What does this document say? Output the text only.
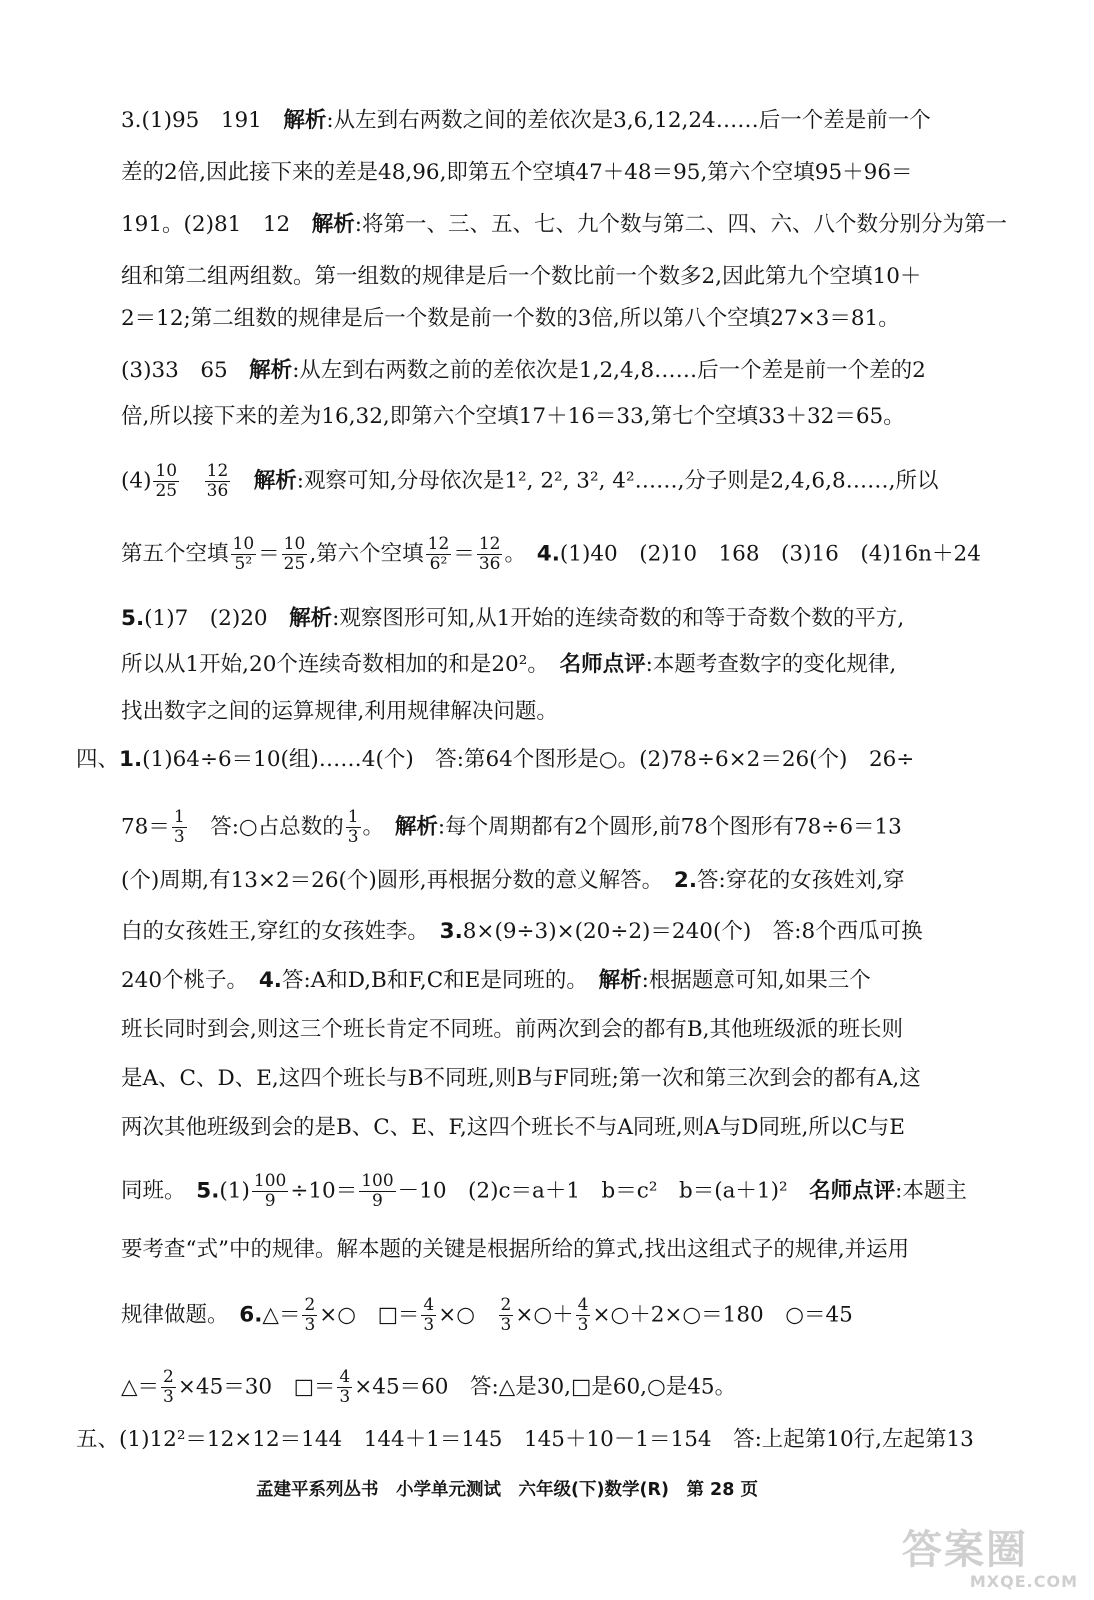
3.(1)95　191　解析:从左到右两数之间的差依次是3,6,12,24……后一个差是前一个
差的2倍,因此接下来的差是48,96,即第五个空填47＋48＝95,第六个空填95＋96＝
191。(2)81　12　解析:将第一、三、五、七、九个数与第二、四、六、八个数分别分为第一
组和第二组两组数。第一组数的规律是后一个数比前一个数多2,因此第九个空填10＋
2＝12;第二组数的规律是后一个数是前一个数的3倍,所以第八个空填27×3＝81。
(3)33　65　解析:从左到右两数之前的差依次是1,2,4,8……后一个差是前一个差的2
倍,所以接下来的差为16,32,即第六个空填17＋16＝33,第七个空填33＋32＝65。
$(4) \frac{10}{25}$
　 $\frac{12}{36}$
　 解析:观察可知,分母依次是1², 2², 3², 4²……,分子则是2,4,6,8……,所以
第五个空填 $\frac{10}{\text{5²}} = \frac{10}{25}$ ,第六个空填 $\frac{12}{\text{6²}} = \frac{12}{36}$ 。　 4.(1)40　(2)10　168　(3)16　(4)16n＋24
5.(1)7　(2)20　解析:观察图形可知,从1开始的连续奇数的和等于奇数个数的平方,
所以从1开始,20个连续奇数相加的和是20²。　 名师点评:本题考查数字的变化规律,
找出数字之间的运算规律,利用规律解决问题。
四、1.(1)64÷6＝10(组)……4(个)　答:第64个图形是○。(2)78÷6×2＝26(个)　26÷
$78= \frac{1}{3}$ 　答:○占总数的 $\frac{1}{3}$ 。　 解析:每个周期都有2个圆形,前78个图形有78÷6＝13
(个)周期,有13×2＝26(个)圆形,再根据分数的意义解答。　 2.答:穿花的女孩姓刘,穿
白的女孩姓王,穿红的女孩姓李。　 3.8×(9÷3)×(20÷2)＝240(个)　答:8个西瓜可换
240个桃子。　 4.答:A和D,B和F,C和E是同班的。　 解析:根据题意可知,如果三个
班长同时到会,则这三个班长肯定不同班。前两次到会的都有B,其他班级派的班长则
是A、C、D、E,这四个班长与B不同班,则B与F同班;第一次和第三次到会的都有A,这
两次其他班级到会的是B、C、E、F,这四个班长不与A同班,则A与D同班,所以C与E
同班。　 $5.(1) \frac{100}{9} \div 10= \frac{100}{9} -10$　(2)c＝a＋1　b＝c²　b＝(a＋1)²　名师点评:本题主
要考查“式”中的规律。解本题的关键是根据所给的算式,找出这组式子的规律,并运用
规律做题。　 6.△＝ $\frac{2}{3}$ ×○　□＝ $\frac{4}{3}$ ×○　 $\frac{2}{3}$ ×○＋ $\frac{4}{3}$ ×○＋2×○＝180　○＝45
△＝ $\frac{2}{3} \times 45=30$　□＝ $\frac{4}{3} \times 45=60$　答:△是30,□是60,○是45。
五、(1)12²＝12×12＝144　144＋1＝145　145＋10－1＝154　答:上起第10行,左起第13
孟建平系列丛书　小学单元测试　六年级(下)数学(R)　第 28 页
答案圈
MXQE.COM
